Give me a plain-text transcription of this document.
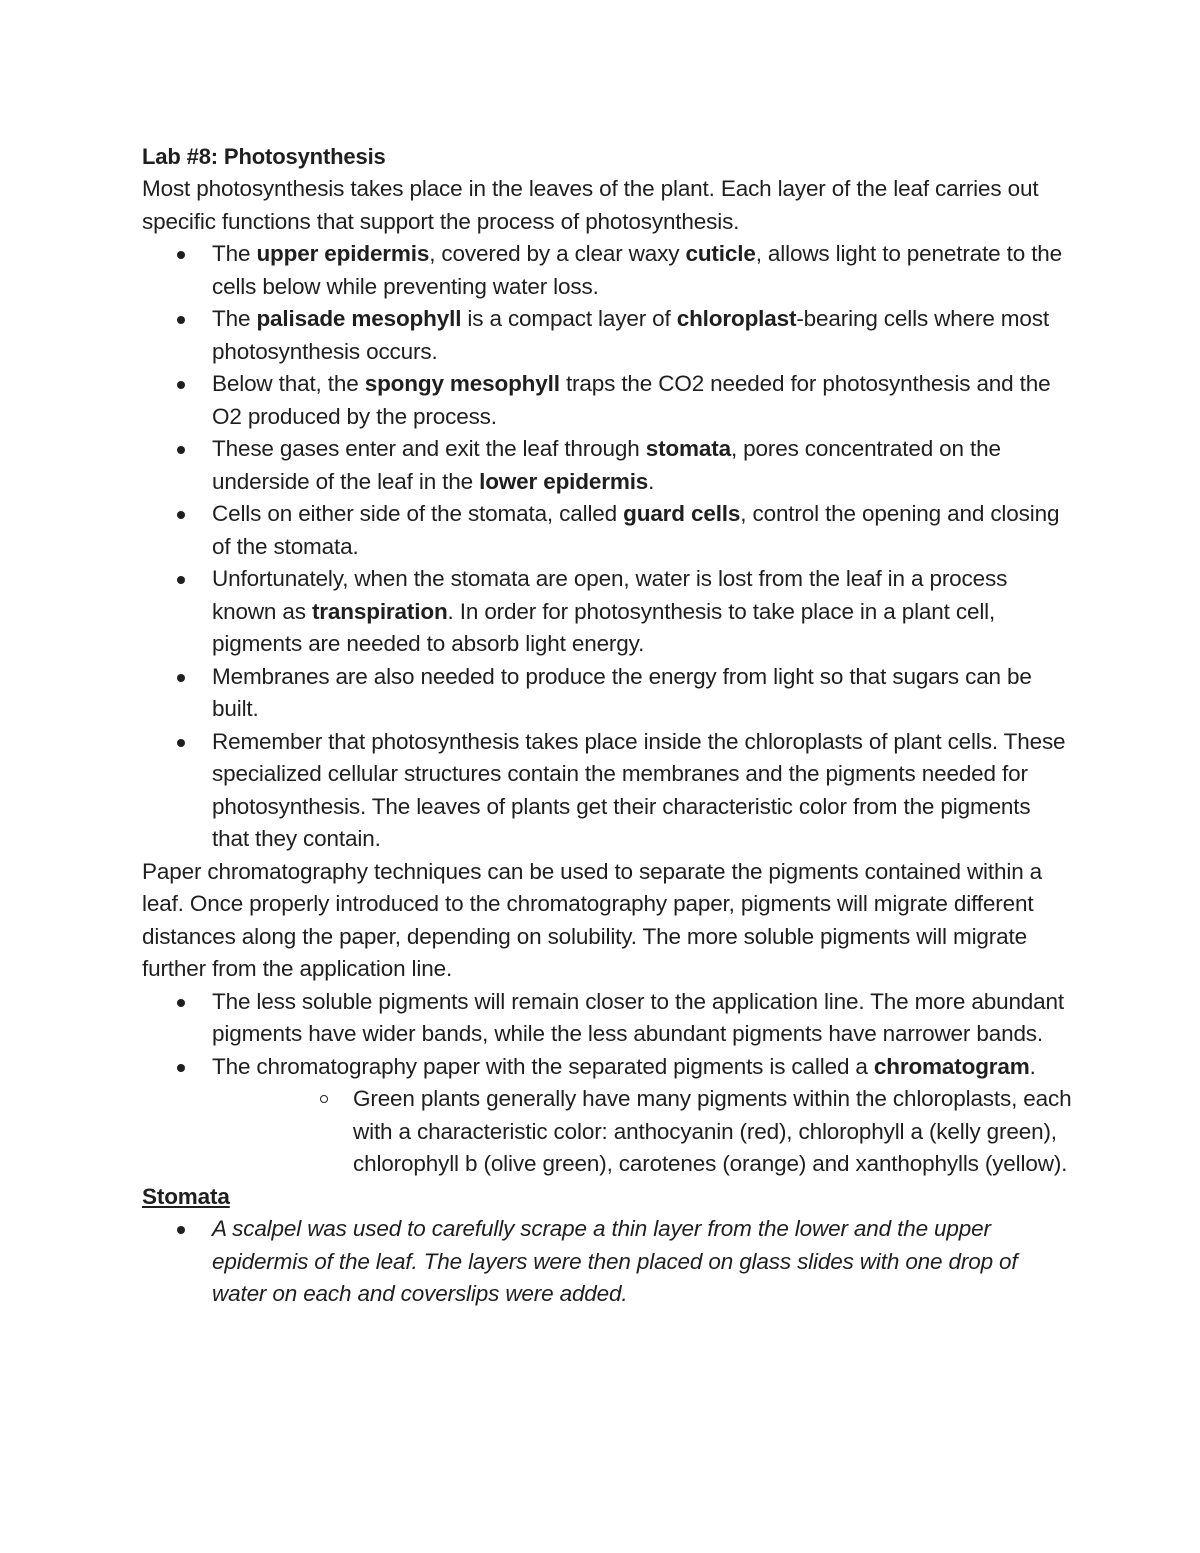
Lab #8: Photosynthesis

Most photosynthesis takes place in the leaves of the plant. Each layer of the leaf carries out specific functions that support the process of photosynthesis.

The upper epidermis, covered by a clear waxy cuticle, allows light to penetrate to the cells below while preventing water loss.
The palisade mesophyll is a compact layer of chloroplast-bearing cells where most photosynthesis occurs.
Below that, the spongy mesophyll traps the CO2 needed for photosynthesis and the O2 produced by the process.
These gases enter and exit the leaf through stomata, pores concentrated on the underside of the leaf in the lower epidermis.
Cells on either side of the stomata, called guard cells, control the opening and closing of the stomata.
Unfortunately, when the stomata are open, water is lost from the leaf in a process known as transpiration. In order for photosynthesis to take place in a plant cell, pigments are needed to absorb light energy.
Membranes are also needed to produce the energy from light so that sugars can be built.
Remember that photosynthesis takes place inside the chloroplasts of plant cells. These specialized cellular structures contain the membranes and the pigments needed for photosynthesis. The leaves of plants get their characteristic color from the pigments that they contain.

Paper chromatography techniques can be used to separate the pigments contained within a leaf. Once properly introduced to the chromatography paper, pigments will migrate different distances along the paper, depending on solubility. The more soluble pigments will migrate further from the application line.

The less soluble pigments will remain closer to the application line. The more abundant pigments have wider bands, while the less abundant pigments have narrower bands.
The chromatography paper with the separated pigments is called a chromatogram.
Green plants generally have many pigments within the chloroplasts, each with a characteristic color: anthocyanin (red), chlorophyll a (kelly green), chlorophyll b (olive green), carotenes (orange) and xanthophylls (yellow).

Stomata

A scalpel was used to carefully scrape a thin layer from the lower and the upper epidermis of the leaf. The layers were then placed on glass slides with one drop of water on each and coverslips were added.
